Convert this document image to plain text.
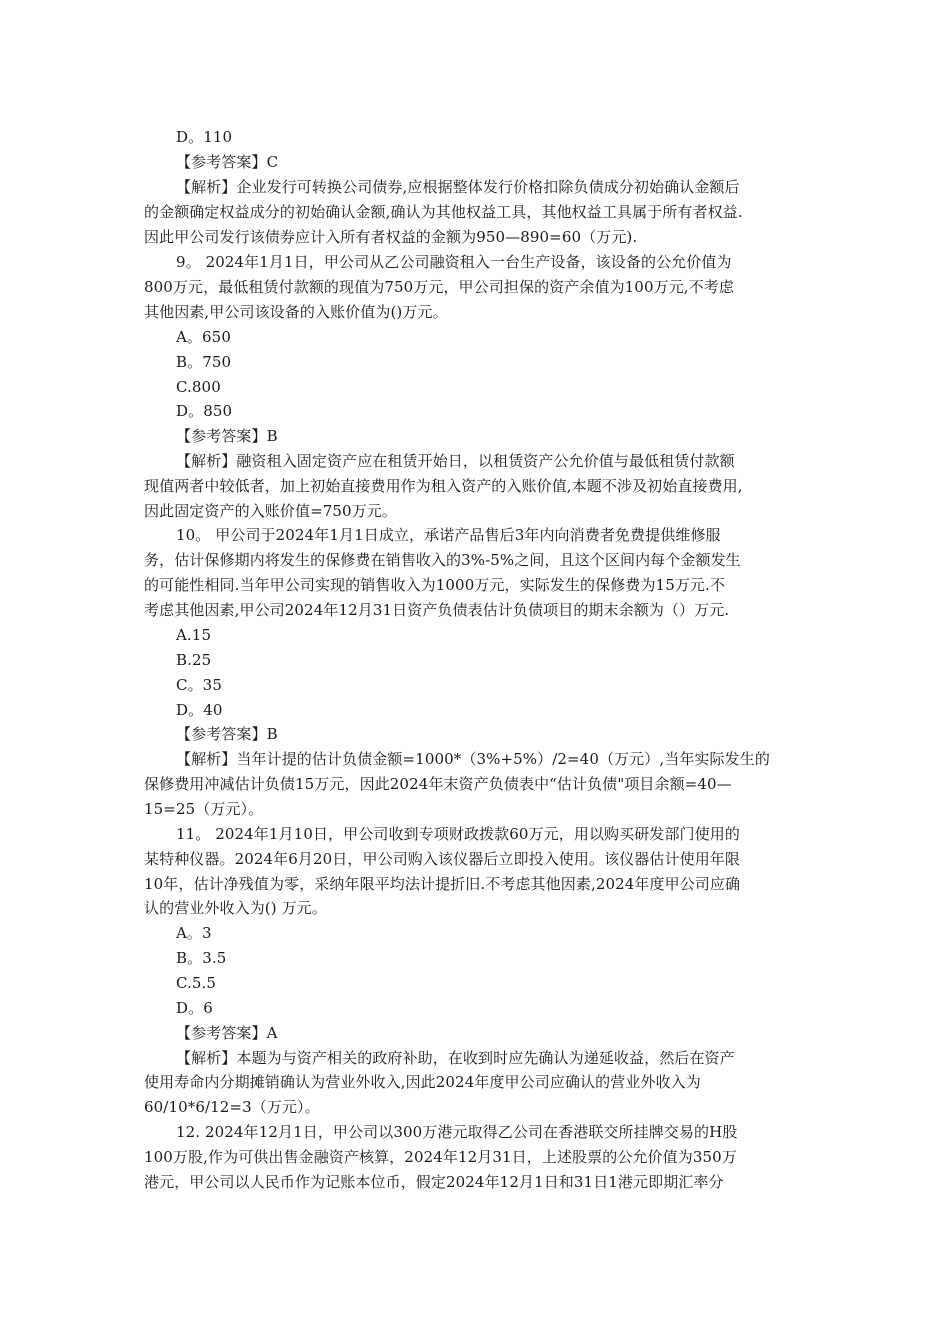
D。110
【参考答案】C
【解析】企业发行可转换公司债券,应根据整体发行价格扣除负债成分初始确认金额后
的金额确定权益成分的初始确认金额,确认为其他权益工具，其他权益工具属于所有者权益.
因此甲公司发行该债券应计入所有者权益的金额为950—890=60（万元).
9。 2024年1月1日，甲公司从乙公司融资租入一台生产设备，该设备的公允价值为
800万元，最低租赁付款额的现值为750万元，甲公司担保的资产余值为100万元,不考虑
其他因素,甲公司该设备的入账价值为()万元。
A。650
B。750
C.800
D。850
【参考答案】B
【解析】融资租入固定资产应在租赁开始日，以租赁资产公允价值与最低租赁付款额
现值两者中较低者，加上初始直接费用作为租入资产的入账价值,本题不涉及初始直接费用,
因此固定资产的入账价值=750万元。
10。 甲公司于2024年1月1日成立，承诺产品售后3年内向消费者免费提供维修服
务，估计保修期内将发生的保修费在销售收入的3%-5%之间，且这个区间内每个金额发生
的可能性相同.当年甲公司实现的销售收入为1000万元，实际发生的保修费为15万元.不
考虑其他因素,甲公司2024年12月31日资产负债表估计负债项目的期末余额为（）万元.
A.15
B.25
C。35
D。40
【参考答案】B
【解析】当年计提的估计负债金额=1000*（3%+5%）/2=40（万元）,当年实际发生的
保修费用冲减估计负债15万元，因此2024年末资产负债表中“估计负债"项目余额=40—
15=25（万元）。
11。 2024年1月10日，甲公司收到专项财政拨款60万元，用以购买研发部门使用的
某特种仪器。2024年6月20日，甲公司购入该仪器后立即投入使用。该仪器估计使用年限
10年，估计净残值为零，采纳年限平均法计提折旧.不考虑其他因素,2024年度甲公司应确
认的营业外收入为() 万元。
A。3
B。3.5
C.5.5
D。6
【参考答案】A
【解析】本题为与资产相关的政府补助，在收到时应先确认为递延收益，然后在资产
使用寿命内分期摊销确认为营业外收入,因此2024年度甲公司应确认的营业外收入为
60/10*6/12=3（万元）。
12. 2024年12月1日，甲公司以300万港元取得乙公司在香港联交所挂牌交易的H股
100万股,作为可供出售金融资产核算，2024年12月31日，上述股票的公允价值为350万
港元，甲公司以人民币作为记账本位币，假定2024年12月1日和31日1港元即期汇率分
